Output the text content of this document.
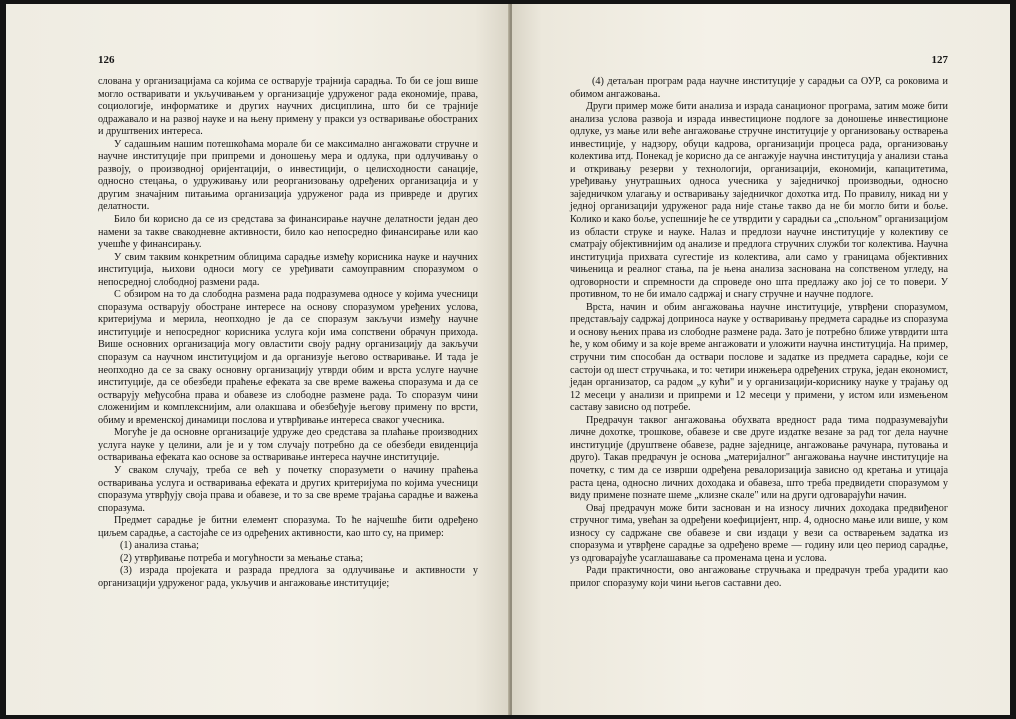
126

слована у организацијама са којима се остварује трајнија сарадња. То би се још више могло остваривати и укључивањем у организације удруженог рада економије, права, социологије, информатике и других научних дисциплина, што би се трајније одражавало и на развој науке и на њену примену у пракси уз остваривање обостраних и друштвених интереса.

У садашњим нашим потешкоћама морале би се максимално ангажовати стручне и научне институције при припреми и доношењу мера и одлука, при одлучивању о развоју, о производној оријентацији, о инвестицији, о целисходности санације, односно стецања, о удруживању или реорганизовању одређених организација и у другим значајним питањима организација удруженог рада из привреде и других делатности.

Било би корисно да се из средстава за финансирање научне делатности један део намени за такве свакодневне активности, било као непосредно финансирање или као учешће у финансирању.

У свим таквим конкретним облицима сарадње између корисника науке и научних институција, њихови односи могу се уређивати самоуправним споразумом о непосредној слободној размени рада.

С обзиром на то да слободна размена рада подразумева односе у којима учесници споразума остварују обостране интересе на основу споразумом уређених услова, критеријума и мерила, неопходно је да се споразум закључи између научне институције и непосредног корисника услуга који има сопствени обрачун прихода. Више основних организација могу овластити своју радну организацију да закључи споразум са научном институцијом и да организује његово остваривање. И тада је неопходно да се за сваку основну организацију утврди обим и врста услуге научне институције, да се обезбеди праћење ефеката за све време важења споразума и да се остварују међусобна права и обавезе из слободне размене рада. То споразум чини сложенијим и комплекснијим, али олакшава и обезбеђује његову примену по врсти, обиму и временској динамици послова и утврђивање интереса сваког учесника.

Могуће је да основне организације удруже део средстава за плаћање производних услуга науке у целини, али је и у том случају потребно да се обезбеди евиденција остваривања ефеката као основе за остваривање интереса научне институције.

У сваком случају, треба се већ у почетку споразумети о начину праћења остваривања услуга и остваривања ефеката и других критеријума по којима учесници споразума утврђују своја права и обавезе, и то за све време трајања сарадње и важења споразума.

Предмет сарадње је битни елемент споразума. То ће најчешће бити одређено циљем сарадње, а састојаће се из одређених активности, као што су, на пример:

(1) анализа стања;

(2) утврђивање потреба и могућности за мењање стања;

(3) израда пројеката и разрада предлога за одлучивање и активности у организацији удруженог рада, укључив и ангажовање институције;

127

(4) детаљан програм рада научне институције у сарадњи са ОУР, са роковима и обимом ангажовања.

Други пример може бити анализа и израда санационог програма, затим може бити анализа услова развоја и израда инвестиционе подлоге за доношење инвестиционе одлуке, уз мање или веће ангажовање стручне институције у организовању остварења инвестиције, у надзору, обуци кадрова, организацији процеса рада, организовању колектива итд. Понекад је корисно да се ангажује научна институција у анализи стања и откривању резерви у технологији, организацији, економији, капацитетима, уређивању унутрашњих односа учесника у заједничкој производњи, односно заједничком улагању и остваривању заједничког дохотка итд. По правилу, никад ни у једној организацији удруженог рада није стање такво да не би могло бити и боље. Колико и како боље, успешније ће се утврдити у сарадњи са „спољном" организацијом из области струке и науке. Налаз и предлози научне институције у колективу се сматрају објективнијим од анализе и предлога стручних служби тог колектива. Научна институција прихвата сугестије из колектива, али само у границама објективних чињеница и реалног стања, па је њена анализа заснована на сопственом угледу, на одговорности и спремности да спроведе оно шта предлажу ако јој се то повери. У противном, то не би имало садржај и снагу стручне и научне подлоге.

Врста, начин и обим ангажовања научне институције, утврђени споразумом, представљају садржај доприноса науке у остваривању предмета сарадње из споразума и основу њених права из слободне размене рада. Зато је потребно ближе утврдити шта ће, у ком обиму и за које време ангажовати и уложити научна институција. На пример, стручни тим способан да оствари послове и задатке из предмета сарадње, који се састоји од шест стручњака, и то: четири инжењера одређених струка, један економист, један организатор, са радом „у кући" и у организацији-кориснику науке у трајању од 12 месеци у анализи и припреми и 12 месеци у примени, у истом или измењеном саставу зависно од потребе.

Предрачун таквог ангажовања обухвата вредност рада тима подразумевајући личне дохотке, трошкове, обавезе и све друге издатке везане за рад тог дела научне институције (друштвене обавезе, радне заједнице, ангажовање рачунара, путовања и друго). Такав предрачун је основа „материјалног" ангажовања научне институције на почетку, с тим да се изврши одређена ревалоризација зависно од кретања и утицаја раста цена, односно личних доходака и обавеза, што треба предвидети споразумом у виду примене познате шеме „клизне скале" или на други одговарајући начин.

Овај предрачун може бити заснован и на износу личних доходака предвиђеног стручног тима, увећан за одређени коефицијент, нпр. 4, односно мање или више, у ком износу су садржане све обавезе и сви издаци у вези са остварењем задатка из споразума и утврђене сарадње за одређено време — годину или цео период сарадње, уз одговарајуће усаглашавање са променама цена и услова.

Ради практичности, ово ангажовање стручњака и предрачун треба урадити као прилог споразуму који чини његов саставни део.
